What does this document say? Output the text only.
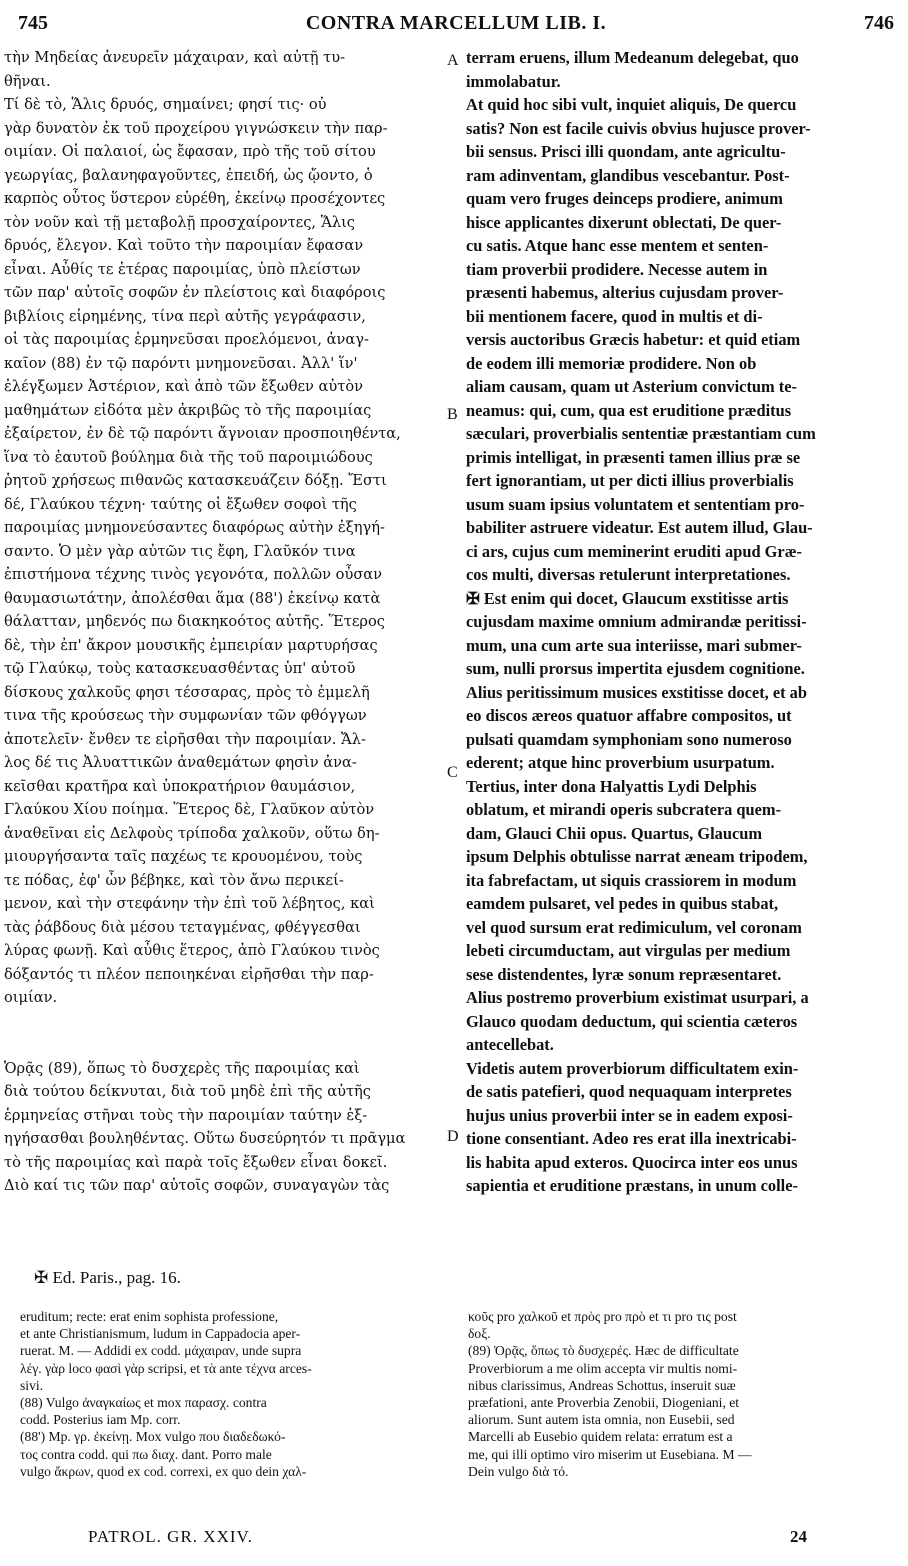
745	CONTRA MARCELLUM LIB. I.	746
τὴν Μηδείας ἀνευρεῖν μάχαιραν, καὶ αὐτῇ τυ-
θῆναι.
Τί δὲ τὸ, Ἅλις δρυός, σημαίνει; φησί τις· οὐ
γὰρ δυνατὸν ἐκ τοῦ προχείρου γιγνώσκειν τὴν παρ-
οιμίαν. Οἱ παλαιοί, ὡς ἔφασαν, πρὸ τῆς τοῦ σίτου
γεωργίας, βαλανηφαγοῦντες, ἐπειδή, ὡς ᾤοντο, ὁ
καρπὸς οὗτος ὕστερον εὑρέθη, ἐκείνῳ προσέχοντες
τὸν νοῦν καὶ τῇ μεταβολῇ προσχαίροντες, Ἅλις
δρυός, ἔλεγον. Καὶ τοῦτο τὴν παροιμίαν ἔφασαν
εἶναι. Αὖθίς τε ἑτέρας παροιμίας, ὑπὸ πλείστων
τῶν παρ' αὐτοῖς σοφῶν ἐν πλείστοις καὶ διαφόροις
βιβλίοις εἰρημένης, τίνα περὶ αὐτῆς γεγράφασιν,
οἱ τὰς παροιμίας ἑρμηνεῦσαι προελόμενοι, ἀναγ-
καῖον (88) ἐν τῷ παρόντι μνημονεῦσαι. Ἀλλ' ἵν'
ἐλέγξωμεν Ἀστέριον, καὶ ἀπὸ τῶν ἔξωθεν αὐτὸν
μαθημάτων εἰδότα μὲν ἀκριβῶς τὸ τῆς παροιμίας
ἐξαίρετον, ἐν δὲ τῷ παρόντι ἄγνοιαν προσποιηθέντα,
ἵνα τὸ ἑαυτοῦ βούλημα διὰ τῆς τοῦ παροιμιώδους
ῥητοῦ χρήσεως πιθανῶς κατασκευάζειν δόξῃ. Ἔστι
δέ, Γλαύκου τέχνη· ταύτης οἱ ἔξωθεν σοφοὶ τῆς
παροιμίας μνημονεύσαντες διαφόρως αὐτὴν ἐξηγή-
σαντο. Ὁ μὲν γὰρ αὐτῶν τις ἔφη, Γλαῦκόν τινα
ἐπιστήμονα τέχνης τινὸς γεγονότα, πολλῶν οὖσαν
θαυμασιωτάτην, ἀπολέσθαι ἅμα (88') ἐκείνῳ κατὰ
θάλατταν, μηδενός πω διακηκοότος αὐτῆς. Ἕτερος
δὲ, τὴν ἐπ' ἄκρον μουσικῆς ἐμπειρίαν μαρτυρήσας
τῷ Γλαύκῳ, τοὺς κατασκευασθέντας ὑπ' αὐτοῦ
δίσκους χαλκοῦς φησι τέσσαρας, πρὸς τὸ ἐμμελῆ
τινα τῆς κρούσεως τὴν συμφωνίαν τῶν φθόγγων
ἀποτελεῖν· ἔνθεν τε εἰρῆσθαι τὴν παροιμίαν. Ἄλ-
λος δέ τις Ἀλυαττικῶν ἀναθεμάτων φησὶν ἀνα-
κεῖσθαι κρατῆρα καὶ ὑποκρατήριον θαυμάσιον,
Γλαύκου Χίου ποίημα. Ἕτερος δὲ, Γλαῦκον αὐτὸν
ἀναθεῖναι εἰς Δελφοὺς τρίποδα χαλκοῦν, οὕτω δη-
μιουργήσαντα ταῖς παχέως τε κρουομένου, τοὺς
τε πόδας, ἐφ' ὧν βέβηκε, καὶ τὸν ἄνω περικεί-
μενον, καὶ τὴν στεφάνην τὴν ἐπὶ τοῦ λέβητος, καὶ
τὰς ῥάβδους διὰ μέσου τεταγμένας, φθέγγεσθαι
λύρας φωνῇ. Καὶ αὖθις ἕτερος, ἀπὸ Γλαύκου τινὸς
δόξαντός τι πλέον πεποιηκέναι εἰρῆσθαι τὴν παρ-
οιμίαν.
Ὁρᾷς (89), ὅπως τὸ δυσχερὲς τῆς παροιμίας καὶ
διὰ τούτου δείκνυται, διὰ τοῦ μηδὲ ἐπὶ τῆς αὐτῆς
ἑρμηνείας στῆναι τοὺς τὴν παροιμίαν ταύτην ἐξ-
ηγήσασθαι βουληθέντας. Οὕτω δυσεύρητόν τι πρᾶγμα
τὸ τῆς παροιμίας καὶ παρὰ τοῖς ἔξωθεν εἶναι δοκεῖ.
Διὸ καί τις τῶν παρ' αὐτοῖς σοφῶν, συναγαγὼν τὰς
terram eruens, illum Medeanum delegebat, quo
immolabatur.
At quid hoc sibi vult, inquiet aliquis, De quercu
satis? Non est facile cuivis obvius hujusce prover-
bii sensus. Prisci illi quondam, ante agricultu-
ram adinventam, glandibus vescebantur. Post-
quam vero fruges deinceps prodiere, animum
hisce applicantes dixerunt oblectati, De quer-
cu satis. Atque hanc esse mentem et senten-
tiam proverbii prodidere. Necesse autem in
præsenti habemus, alterius cujusdam prover-
bii mentionem facere, quod in multis et di-
versis auctoribus Græcis habetur: et quid etiam
de eodem illi memoriæ prodidere. Non ob
aliam causam, quam ut Asterium convictum te-
neamus: qui, cum, qua est eruditione præditus
sæculari, proverbialis sententiæ præstantiam cum
primis intelligat, in præsenti tamen illius præ se
fert ignorantiam, ut per dicti illius proverbialis
usum suam ipsius voluntatem et sententiam pro-
babiliter astruere videatur. Est autem illud, Glau-
ci ars, cujus cum meminerint eruditi apud Græ-
cos multi, diversas retulerunt interpretationes.
✠ Est enim qui docet, Glaucum exstitisse artis
cujusdam maxime omnium admirandæ peritissi-
mum, una cum arte sua interiisse, mari submer-
sum, nulli prorsus impertita ejusdem cognitione.
Alius peritissimum musices exstitisse docet, et ab
eo discos æreos quatuor affabre compositos, ut
pulsati quamdam symphoniam sono numeroso
ederent; atque hinc proverbium usurpatum.
Tertius, inter dona Halyattis Lydi Delphis
oblatum, et mirandi operis subcratera quem-
dam, Glauci Chii opus. Quartus, Glaucum
ipsum Delphis obtulisse narrat æneam tripodem,
ita fabrefactam, ut siquis crassiorem in modum
eamdem pulsaret, vel pedes in quibus stabat,
vel quod sursum erat redimiculum, vel coronam
lebeti circumductam, aut virgulas per medium
sese distendentes, lyræ sonum repræsentaret.
Alius postremo proverbium existimat usurpari, a
Glauco quodam deductum, qui scientia cæteros
antecellebat.
Videtis autem proverbiorum difficultatem exin-
de satis patefieri, quod nequaquam interpretes
hujus unius proverbii inter se in eadem exposi-
tione consentiant. Adeo res erat illa inextricabi-
lis habita apud exteros. Quocirca inter eos unus
sapientia et eruditione præstans, in unum colle-
A
B
C
D
✠ Ed. Paris., pag. 16.
eruditum; recte: erat enim sophista professione,
et ante Christianismum, ludum in Cappadocia aper-
ruerat. M. — Addidi ex codd. μάχαιραν, unde supra
λέγ. γὰρ loco φασὶ γὰρ scripsi, et τὰ ante τέχνα arces-
sivi.
(88) Vulgo ἀναγκαίως et mox παρασχ. contra
codd. Posterius iam Mp. corr.
(88') Mp. γρ. ἐκείνῃ. Mox vulgo που διαδεδωκό-
τος contra codd. qui πω διαχ. dant. Porro male
vulgo ἄκρων, quod ex cod. correxi, ex quo dein χαλ-
κοῦς pro χαλκοῦ et πρὸς pro πρὸ et τι pro τις post
δοξ.
(89) Ὁρᾷς, ὅπως τὸ δυσχερές. Hæc de difficultate
Proverbiorum a me olim accepta vir multis nomi-
nibus clarissimus, Andreas Schottus, inseruit suæ
præfationi, ante Proverbia Zenobii, Diogeniani, et
aliorum. Sunt autem ista omnia, non Eusebii, sed
Marcelli ab Eusebio quidem relata: erratum est a
me, qui illi optimo viro miserim ut Eusebiana. M —
Dein vulgo διὰ τό.
PATROL. GR. XXIV.	24
